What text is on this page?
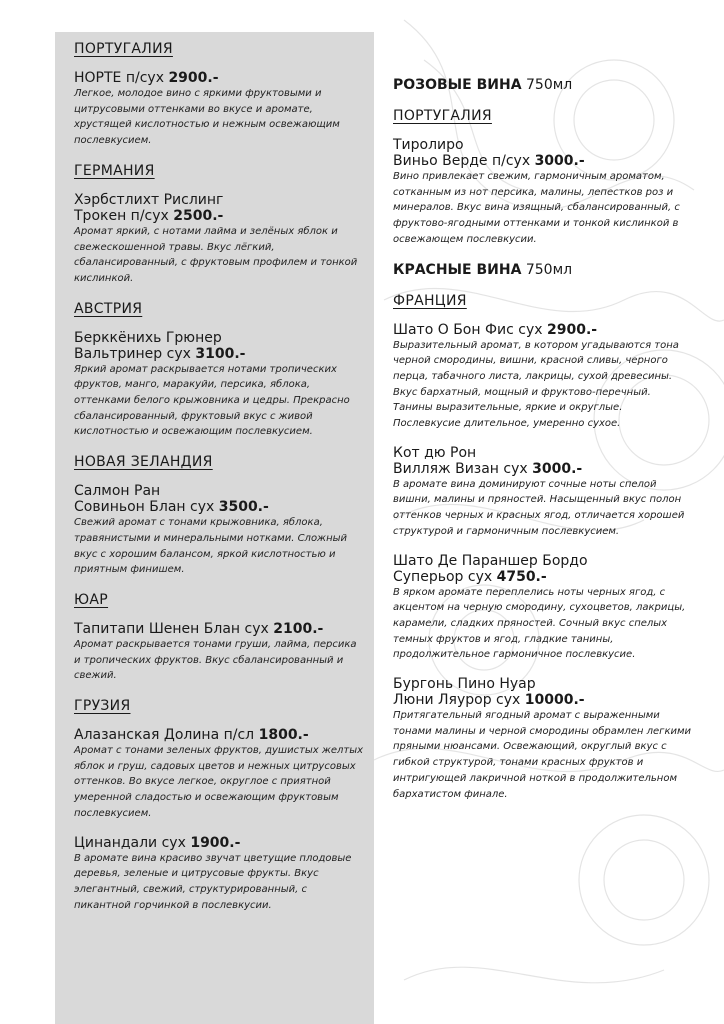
ПОРТУГАЛИЯ
НОРТЕ п/сух 2900.-
Легкое, молодое вино с яркими фруктовыми и цитрусовыми оттенками во вкусе и аромате, хрустящей кислотностью и нежным освежающим послевкусием.
ГЕРМАНИЯ
Хэрбстлихт Рислинг
Трокен п/сух 2500.-
Аромат яркий, с нотами лайма и зелёных яблок и свежескошенной травы. Вкус лёгкий, сбалансированный, с фруктовым профилем и тонкой кислинкой.
АВСТРИЯ
Берккёнихь Грюнер
Вальтринер сух 3100.-
Яркий аромат раскрывается нотами тропических фруктов, манго, маракуйи, персика, яблока, оттенками белого крыжовника и цедры. Прекрасно сбалансированный, фруктовый вкус с живой кислотностью и освежающим послевкусием.
НОВАЯ ЗЕЛАНДИЯ
Салмон Ран
Совиньон Блан сух 3500.-
Свежий аромат с тонами крыжовника, яблока, травянистыми и минеральными нотками. Сложный вкус с хорошим балансом, яркой кислотностью и приятным финишем.
ЮАР
Тапитапи Шенен Блан сух 2100.-
Аромат раскрывается тонами груши, лайма, персика и тропических фруктов. Вкус сбалансированный и свежий.
ГРУЗИЯ
Алазанская Долина п/сл 1800.-
Аромат с тонами зеленых фруктов, душистых желтых яблок и груш, садовых цветов и нежных цитрусовых оттенков. Во вкусе легкое, округлое с приятной умеренной сладостью и освежающим фруктовым послевкусием.
Цинандали сух 1900.-
В аромате вина красиво звучат цветущие плодовые деревья, зеленые и цитрусовые фрукты. Вкус элегантный, свежий, структурированный, с пикантной горчинкой в послевкусии.
РОЗОВЫЕ ВИНА 750мл
ПОРТУГАЛИЯ
Тиролиро
Виньо Верде п/сух 3000.-
Вино привлекает свежим, гармоничным ароматом, сотканным из нот персика, малины, лепестков роз и минералов. Вкус вина изящный, сбалансированный, с фруктово-ягодными оттенками и тонкой кислинкой в освежающем послевкусии.
КРАСНЫЕ ВИНА 750мл
ФРАНЦИЯ
Шато О Бон Фис сух 2900.-
Выразительный аромат, в котором угадываются тона черной смородины, вишни, красной сливы, черного перца, табачного листа, лакрицы, сухой древесины. Вкус бархатный, мощный и фруктово-перечный. Танины выразительные, яркие и округлые. Послевкусие длительное, умеренно сухое.
Кот дю Рон
Вилляж Визан сух 3000.-
В аромате вина доминируют сочные ноты спелой вишни, малины и пряностей. Насыщенный вкус полон оттенков черных и красных ягод, отличается хорошей структурой и гармоничным послевкусием.
Шато Де Параншер Бордо
Суперьор сух 4750.-
В ярком аромате переплелись ноты черных ягод, с акцентом на черную смородину, сухоцветов, лакрицы, карамели, сладких пряностей. Сочный вкус спелых темных фруктов и ягод, гладкие танины, продолжительное гармоничное послевкусие.
Бургонь Пино Нуар
Люни Ляурор сух 10000.-
Притягательный ягодный аромат с выраженными тонами малины и черной смородины обрамлен легкими пряными нюансами. Освежающий, округлый вкус с гибкой структурой, тонами красных фруктов и интригующей лакричной ноткой в продолжительном бархатистом финале.
